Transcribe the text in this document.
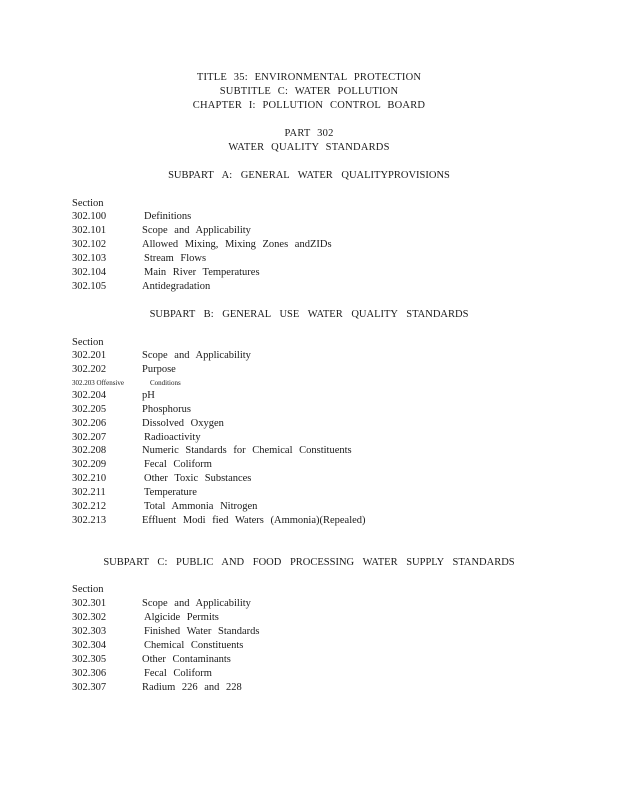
TITLE 35: ENVIRONMENTAL PROTECTION
SUBTITLE C: WATER POLLUTION
CHAPTER I: POLLUTION CONTROL BOARD
PART 302
WATER QUALITY STANDARDS
SUBPART A: GENERAL WATER QUALITYPROVISIONS
Section
302.100	Definitions
302.101	Scope and Applicability
302.102	Allowed Mixing, Mixing Zones andZIDs
302.103	Stream Flows
302.104	Main River Temperatures
302.105	Antidegradation
SUBPART B: GENERAL USE WATER QUALITY STANDARDS
Section
302.201	Scope and Applicability
302.202	Purpose
302.203 Offensive	Conditions
302.204	pH
302.205	Phosphorus
302.206	Dissolved Oxygen
302.207	Radioactivity
302.208	Numeric Standards for Chemical Constituents
302.209	Fecal Coliform
302.210	Other Toxic Substances
302.211	Temperature
302.212	Total Ammonia Nitrogen
302.213	Effluent Modi fied Waters (Ammonia)(Repealed)
SUBPART C: PUBLIC AND FOOD PROCESSING WATER SUPPLY STANDARDS
Section
302.301	Scope and Applicability
302.302	Algicide Permits
302.303	Finished Water Standards
302.304	Chemical Constituents
302.305	Other Contaminants
302.306	Fecal Coliform
302.307	Radium 226 and 228
